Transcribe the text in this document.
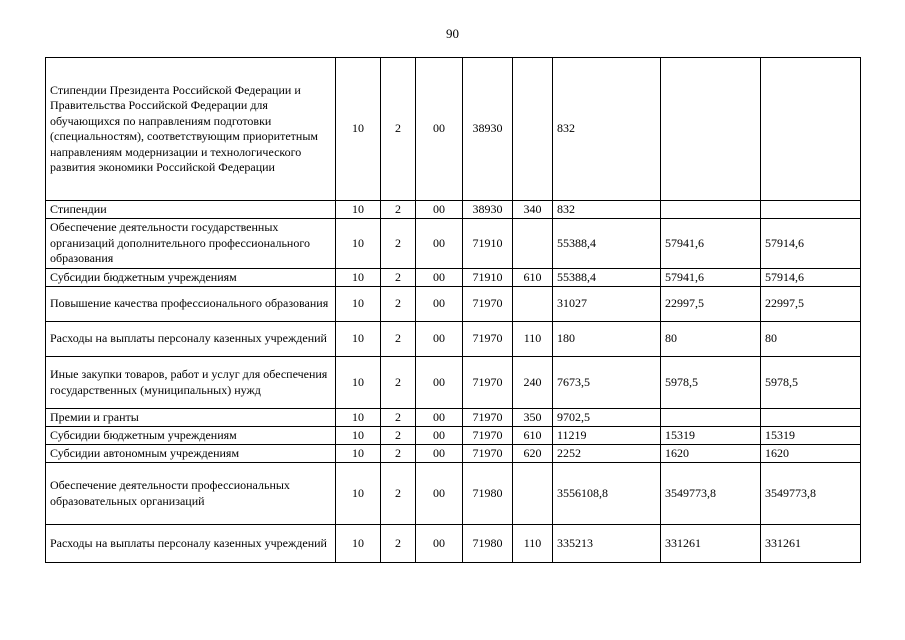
90
Стипендии Президента Российской Федерации и Правительства Российской Федерации для обучающихся по направлениям подготовки (специальностям), соответствующим приоритетным направлениям модернизации и технологического развития экономики Российской Федерации	10	2	00	38930		832		
Стипендии	10	2	00	38930	340	832		
Обеспечение деятельности государственных организаций дополнительного профессионального образования	10	2	00	71910		55388,4	57941,6	57914,6
Субсидии бюджетным учреждениям	10	2	00	71910	610	55388,4	57941,6	57914,6
Повышение качества профессионального образования	10	2	00	71970		31027	22997,5	22997,5
Расходы на выплаты персоналу казенных учреждений	10	2	00	71970	110	180	80	80
Иные закупки товаров, работ и услуг для обеспечения государственных (муниципальных) нужд	10	2	00	71970	240	7673,5	5978,5	5978,5
Премии и гранты	10	2	00	71970	350	9702,5		
Субсидии бюджетным учреждениям	10	2	00	71970	610	11219	15319	15319
Субсидии автономным учреждениям	10	2	00	71970	620	2252	1620	1620
Обеспечение деятельности профессиональных образовательных организаций	10	2	00	71980		3556108,8	3549773,8	3549773,8
Расходы на выплаты персоналу казенных учреждений	10	2	00	71980	110	335213	331261	331261
